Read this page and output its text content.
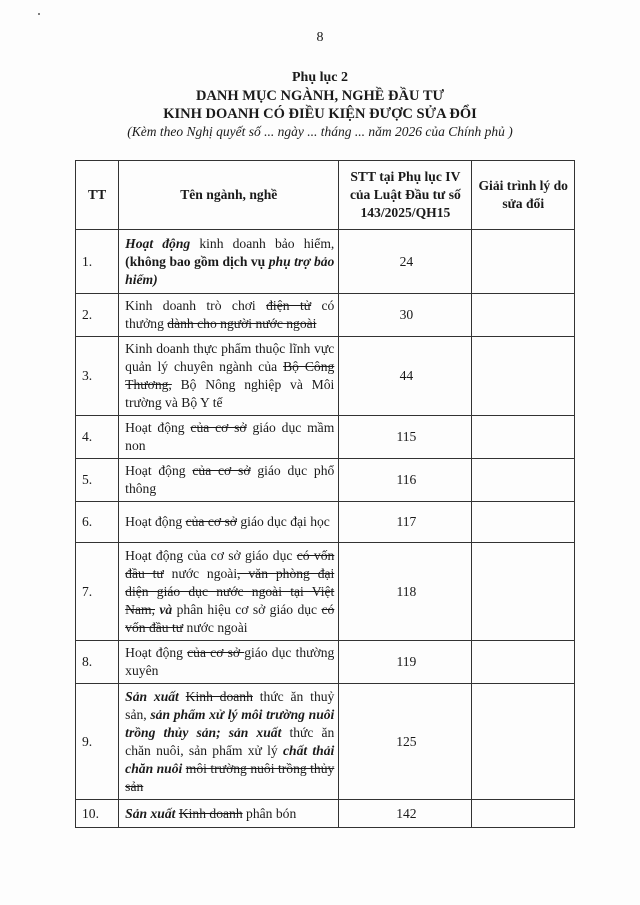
8
Phụ lục 2
DANH MỤC NGÀNH, NGHỀ ĐẦU TƯ
KINH DOANH CÓ ĐIỀU KIỆN ĐƯỢC SỬA ĐỔI
(Kèm theo Nghị quyết số ... ngày ... tháng ... năm 2026 của Chính phủ )
TT	Tên ngành, nghề	STT tại Phụ lục IV của Luật Đầu tư số 143/2025/QH15	Giải trình lý do sửa đổi
1.	Hoạt động kinh doanh bảo hiểm, (không bao gồm dịch vụ phụ trợ bảo hiểm)	24	
2.	Kinh doanh trò chơi điện tử có thưởng dành cho người nước ngoài	30	
3.	Kinh doanh thực phẩm thuộc lĩnh vực quản lý chuyên ngành của Bộ Công Thương, Bộ Nông nghiệp và Môi trường và Bộ Y tế	44	
4.	Hoạt động của cơ sở giáo dục mầm non	115	
5.	Hoạt động của cơ sở giáo dục phổ thông	116	
6.	Hoạt động của cơ sở giáo dục đại học	117	
7.	Hoạt động của cơ sở giáo dục có vốn đầu tư nước ngoài, văn phòng đại diện giáo dục nước ngoài tại Việt Nam, và phân hiệu cơ sở giáo dục có vốn đầu tư nước ngoài	118	
8.	Hoạt động của cơ sở giáo dục thường xuyên	119	
9.	Sản xuất Kinh doanh thức ăn thuỷ sản, sản phẩm xử lý môi trường nuôi trồng thủy sản; sản xuất thức ăn chăn nuôi, sản phẩm xử lý chất thải chăn nuôi môi trường nuôi trồng thủy sản	125	
10.	Sản xuất Kinh doanh phân bón	142	
